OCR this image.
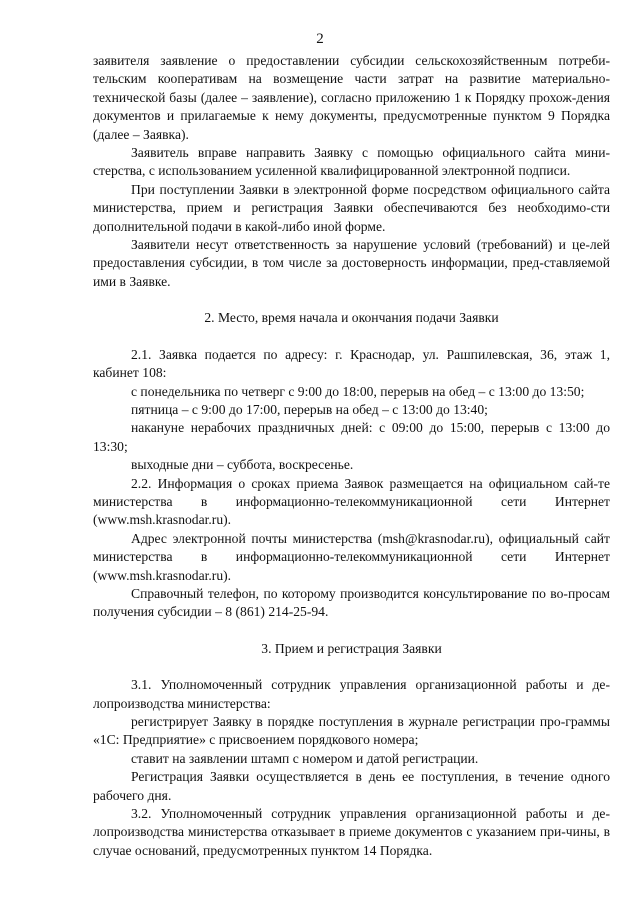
2

заявителя заявление о предоставлении субсидии сельскохозяйственным потреби-тельским кооперативам на возмещение части затрат на развитие материально-технической базы (далее – заявление), согласно приложению 1 к Порядку прохож-дения документов и прилагаемые к нему документы, предусмотренные пунктом 9 Порядка (далее – Заявка).

Заявитель вправе направить Заявку с помощью официального сайта мини-стерства, с использованием усиленной квалифицированной электронной подписи.

При поступлении Заявки в электронной форме посредством официального сайта министерства, прием и регистрация Заявки обеспечиваются без необходимо-сти дополнительной подачи в какой-либо иной форме.

Заявители несут ответственность за нарушение условий (требований) и це-лей предоставления субсидии, в том числе за достоверность информации, пред-ставляемой ими в Заявке.

2. Место, время начала и окончания подачи Заявки

2.1. Заявка подается по адресу: г. Краснодар, ул. Рашпилевская, 36, этаж 1, кабинет 108:

с понедельника по четверг с 9:00 до 18:00, перерыв на обед – с 13:00 до 13:50;

пятница – с 9:00 до 17:00, перерыв на обед – с 13:00 до 13:40;

накануне нерабочих праздничных дней: с 09:00 до 15:00, перерыв с 13:00 до 13:30;

выходные дни – суббота, воскресенье.

2.2. Информация о сроках приема Заявок размещается на официальном сай-те министерства в информационно-телекоммуникационной сети Интернет (www.msh.krasnodar.ru).

Адрес электронной почты министерства (msh@krasnodar.ru), официальный сайт министерства в информационно-телекоммуникационной сети Интернет (www.msh.krasnodar.ru).

Справочный телефон, по которому производится консультирование по во-просам получения субсидии – 8 (861) 214-25-94.

3. Прием и регистрация Заявки

3.1. Уполномоченный сотрудник управления организационной работы и де-лопроизводства министерства:

регистрирует Заявку в порядке поступления в журнале регистрации про-граммы «1С: Предприятие» с присвоением порядкового номера;

ставит на заявлении штамп с номером и датой регистрации.

Регистрация Заявки осуществляется в день ее поступления, в течение одного рабочего дня.

3.2. Уполномоченный сотрудник управления организационной работы и де-лопроизводства министерства отказывает в приеме документов с указанием при-чины, в случае оснований, предусмотренных пунктом 14 Порядка.
